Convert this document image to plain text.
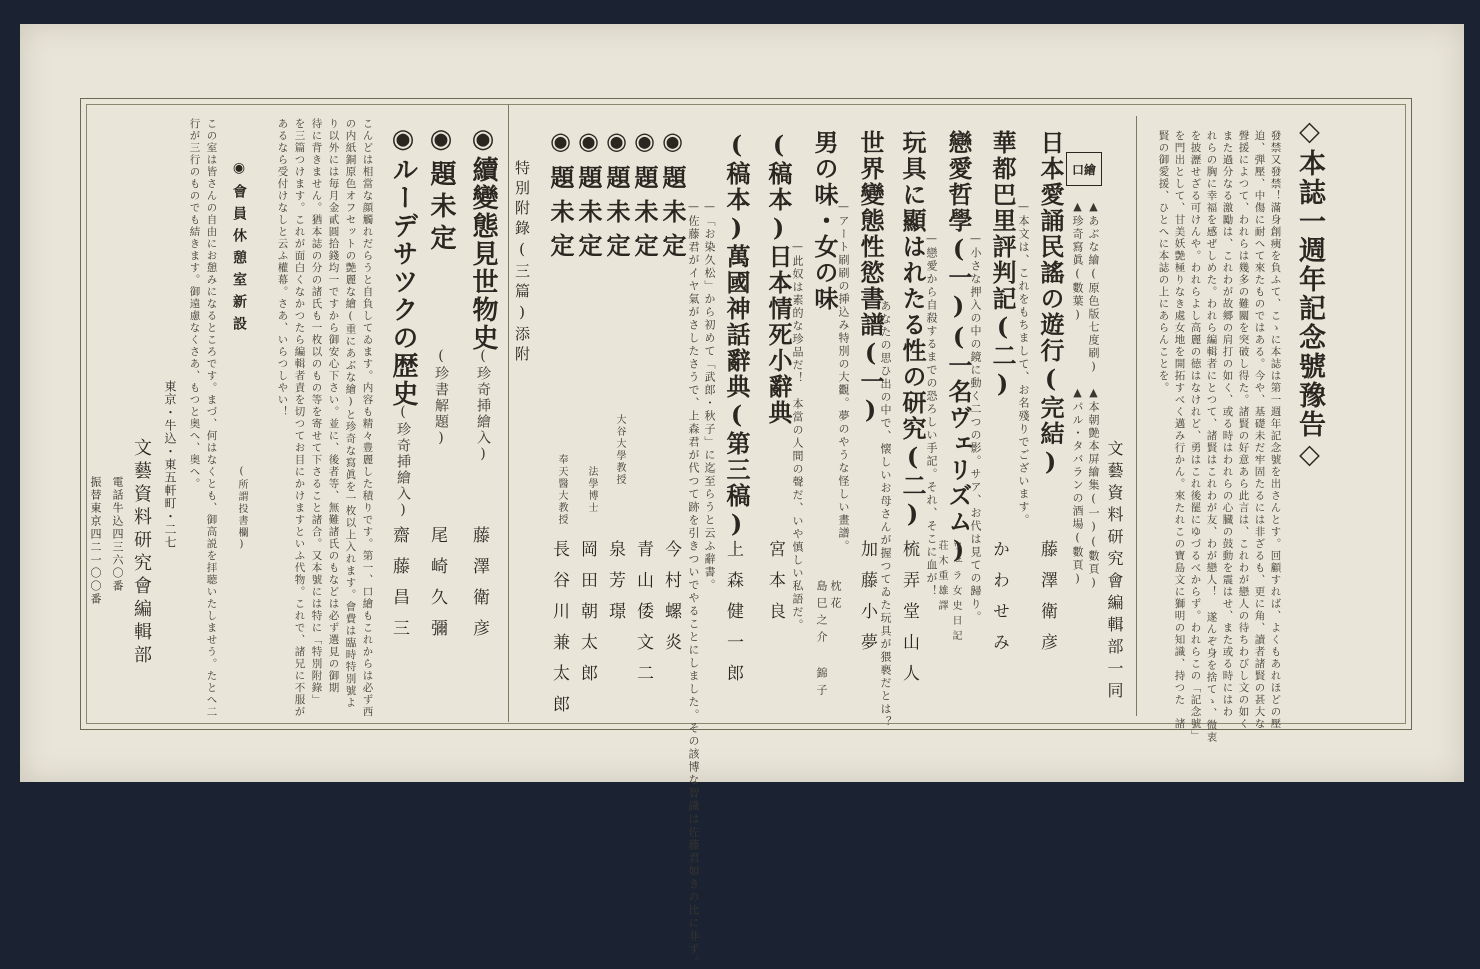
◇本誌一週年記念號豫告◇
發禁又發禁！滿身創痍を負ふて、こゝに本誌は第一週年記念號を出さんとす。回顧すれば、よくもあれほどの壓
迫、弾壓、中傷に耐へて來たものではある。今や、基礎未だ牢固たるには非ざるも、更に角、讀者諸賢の甚大な
聲援によつて、われらは幾多の難關を突破し得た。諸賢の好意あら此言は、これわが戀人の待ちわびし文の如く
また過分なる激勵は、これわが故郷の肩打の如く、或る時はわれらの心臓の鼓動を震はせ、また或る時にはわ
れらの胸に幸福を感ぜしめた。われら編輯者にとつて、諸賢はこれわが友、わが戀人！ 遂んぞ身を捨てゝ、微衷
を披瀝せざる可けんや。われらよし高麗の徳はなけれど、勇はこれ後罷にゆづるべからず。われらこの「記念號」
を門出として、甘美妖艶極りなき處女地を開拓すべく邁み行かん。來たれこの寶島文に獅明の知識、持つた　諸
賢の御愛援、ひとへに本誌の上にあらんことを。
文藝資料研究會編輯部一同
口繪
▲あぶな繪(原色版七度刷)
▲珍奇寫眞(數葉)
▲本朝艶本屏繪集(一)(數頁)
▲パル・タバランの酒場(數頁)
日本愛誦民謠の遊行(完結)
—本文は、これをもちまして、お名殘りでございます。
藤澤衛彦
華都巴里評判記(二)
—小さな押入の中の鏡に動く二つの影。サア、お代は見ての歸り。 かわせみ
戀愛哲學(一)(一名ヴェリズム)
—戀愛から自殺するまでの恐ろしい手記。それ、そこに血が！ ウェラ女史日記
荘木重雄譯
玩具に顯はれたる性の研究(二)
あなたの思ひ出の中で、懐しいお母さんが握つてゐた玩具が猥褻だとは？ 梳弄堂山人
世界變態性慾書譜(一)
—アート刷刷の挿込み特別の大觀。夢のやうな怪しい畫譜。
加藤小夢
男の味・女の味
—此奴は素的な珍品だ！　本當の人間の聲だ、いや慎しい私語だ。 枕花
島巳之介 錦子
(稿本)日本情死小辭典
宮本良
(稿本)萬國神話辭典(第三稿)
—「お染久松」から初めて「武郎・秋子」に迄至らうと云ふ辭書。
—佐藤君がイヤ氣がさしたさうで、上森君が代つて跡を引きついでやることにしました。その該博な智識は佐藤君如きの比に非ず。 上森健一郎
◉題未定
今村螺炎
◉題未定
青山倭文二
◉題未定
大谷大學教授
泉芳璟
◉題未定
法學博士
岡田朝太郎
◉題未定
奉天醫大教授
長谷川兼太郎
特別附錄(三篇)添附
◉續變態見世物史
(珍奇挿繪入)
藤澤衛彦
◉題未定
(珍書解題)
尾崎久彌
◉ルーデサツクの歴史
(珍奇挿繪入)
齋藤昌三
こんどは相當な顔觸れだらうと自負してゐます。内容も精々豊麗した積りです。第一、口繪もこれからは必ず西
の内紙銅原色オフセットの艶麗な繪(重にあぶな繪)と珍奇な寫眞を一枚以上入れます。會費は臨時特別號よ
り以外には毎月金貳圓拾錢均一ですから御安心下さい。並に、後者等、無難諸氏のもなどは必ず選見の御期
待に背きません。猶本誌の分の諸氏も一枚以のもの等を寄せて下さること諸合。又本號には特に「特別附錄」
を三篇つけます。これが面白くなかつたら編輯者責を切つてお目にかけますといふ代物。これで、諸兄に不服が
あるなら受付けなしと云ふ權幕。さあ、いらつしやい！
◉會員休憩室新設
(所謂投書欄)
この室は皆さんの自由にお憩みになるところです。まづ、何はなくとも、御高説を拝聴いたしませう。たとへ二
行が三行のものでも結きます。御遠慮なくさあ、もつと奥へ、奥へ。
東京・牛込・東五軒町・二七
文藝資料研究會編輯部
電話牛込四三六〇番
振替東京四二一〇〇番
